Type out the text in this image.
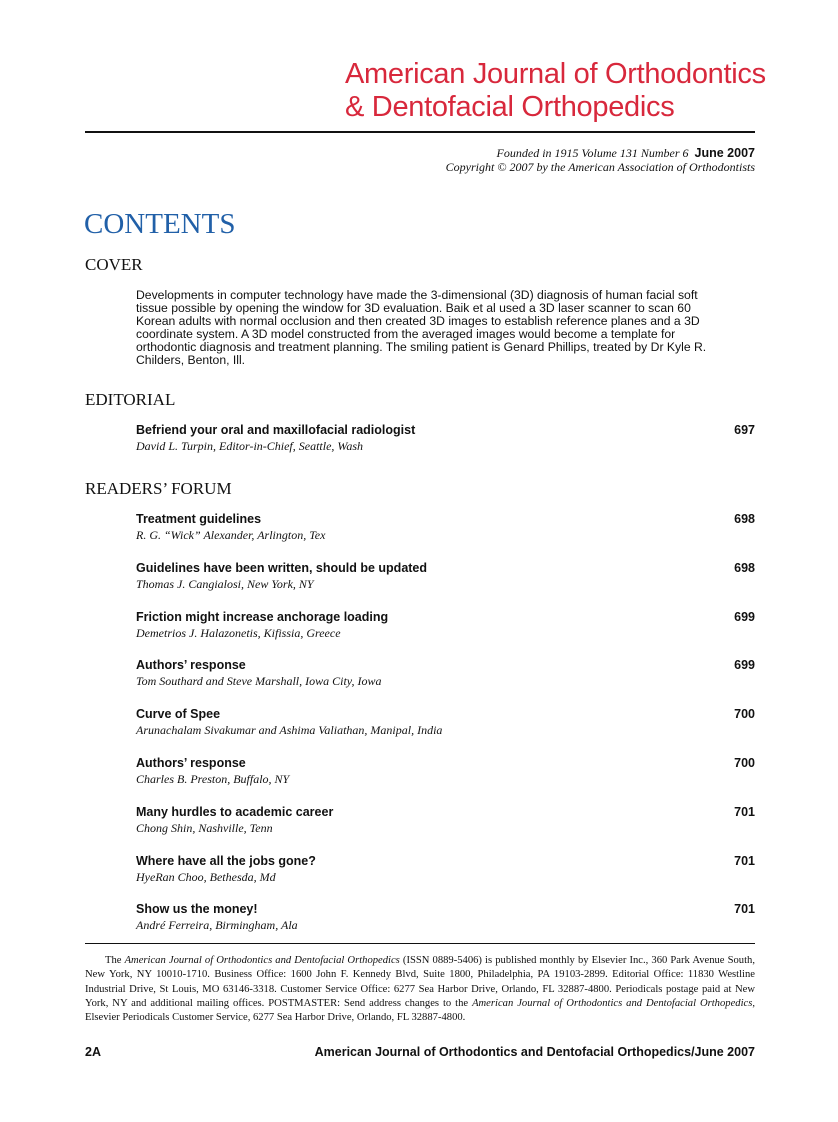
American Journal of Orthodontics
& Dentofacial Orthopedics
Founded in 1915 Volume 131 Number 6 June 2007
Copyright © 2007 by the American Association of Orthodontists
CONTENTS
COVER
Developments in computer technology have made the 3-dimensional (3D) diagnosis of human facial soft tissue possible by opening the window for 3D evaluation. Baik et al used a 3D laser scanner to scan 60 Korean adults with normal occlusion and then created 3D images to establish reference planes and a 3D coordinate system. A 3D model constructed from the averaged images would become a template for orthodontic diagnosis and treatment planning. The smiling patient is Genard Phillips, treated by Dr Kyle R. Childers, Benton, Ill.
EDITORIAL
Befriend your oral and maxillofacial radiologist
David L. Turpin, Editor-in-Chief, Seattle, Wash
697
READERS’ FORUM
Treatment guidelines
R. G. “Wick” Alexander, Arlington, Tex
698
Guidelines have been written, should be updated
Thomas J. Cangialosi, New York, NY
698
Friction might increase anchorage loading
Demetrios J. Halazonetis, Kifissia, Greece
699
Authors’ response
Tom Southard and Steve Marshall, Iowa City, Iowa
699
Curve of Spee
Arunachalam Sivakumar and Ashima Valiathan, Manipal, India
700
Authors’ response
Charles B. Preston, Buffalo, NY
700
Many hurdles to academic career
Chong Shin, Nashville, Tenn
701
Where have all the jobs gone?
HyeRan Choo, Bethesda, Md
701
Show us the money!
André Ferreira, Birmingham, Ala
701
The American Journal of Orthodontics and Dentofacial Orthopedics (ISSN 0889-5406) is published monthly by Elsevier Inc., 360 Park Avenue South, New York, NY 10010-1710. Business Office: 1600 John F. Kennedy Blvd, Suite 1800, Philadelphia, PA 19103-2899. Editorial Office: 11830 Westline Industrial Drive, St Louis, MO 63146-3318. Customer Service Office: 6277 Sea Harbor Drive, Orlando, FL 32887-4800. Periodicals postage paid at New York, NY and additional mailing offices. POSTMASTER: Send address changes to the American Journal of Orthodontics and Dentofacial Orthopedics, Elsevier Periodicals Customer Service, 6277 Sea Harbor Drive, Orlando, FL 32887-4800.
2A	American Journal of Orthodontics and Dentofacial Orthopedics/June 2007
